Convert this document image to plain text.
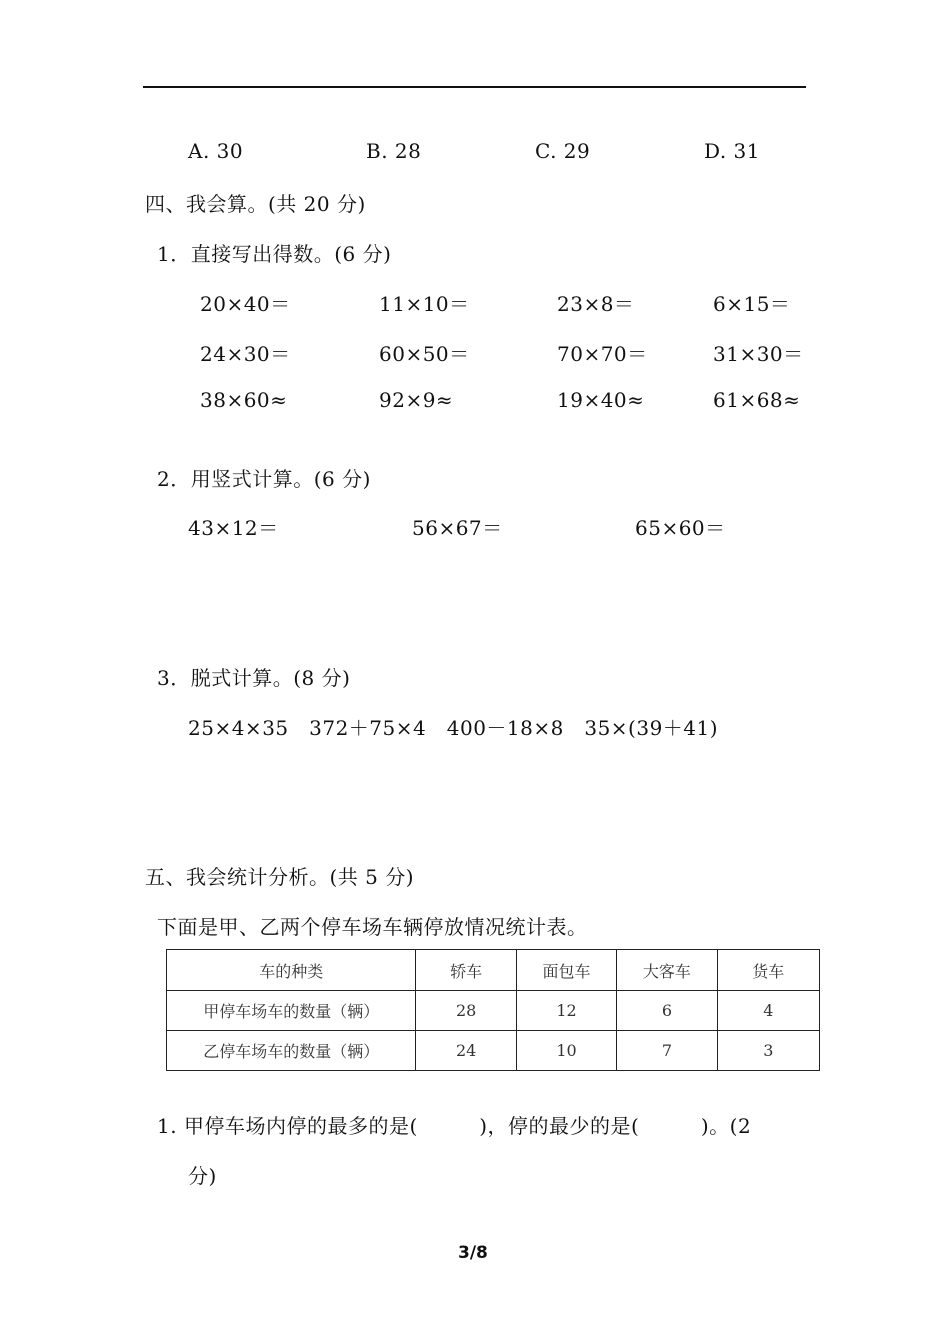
A. 30	B. 28	C. 29	D. 31
四、我会算。(共 20 分)
1．直接写出得数。(6 分)
20×40＝	11×10＝	23×8＝	6×15＝
24×30＝	60×50＝	70×70＝	31×30＝
38×60≈	92×9≈	19×40≈	61×68≈
2．用竖式计算。(6 分)
43×12＝	56×67＝	65×60＝
3．脱式计算。(8 分)
25×4×35　372＋75×4　400－18×8　35×(39＋41)
五、我会统计分析。(共 5 分)
下面是甲、乙两个停车场车辆停放情况统计表。
车的种类	轿车	面包车	大客车	货车
甲停车场车的数量（辆）	28	12	6	4
乙停车场车的数量（辆）	24	10	7	3
1. 甲停车场内停的最多的是(　　　)，停的最少的是(　　　)。(2
分)
3/8
